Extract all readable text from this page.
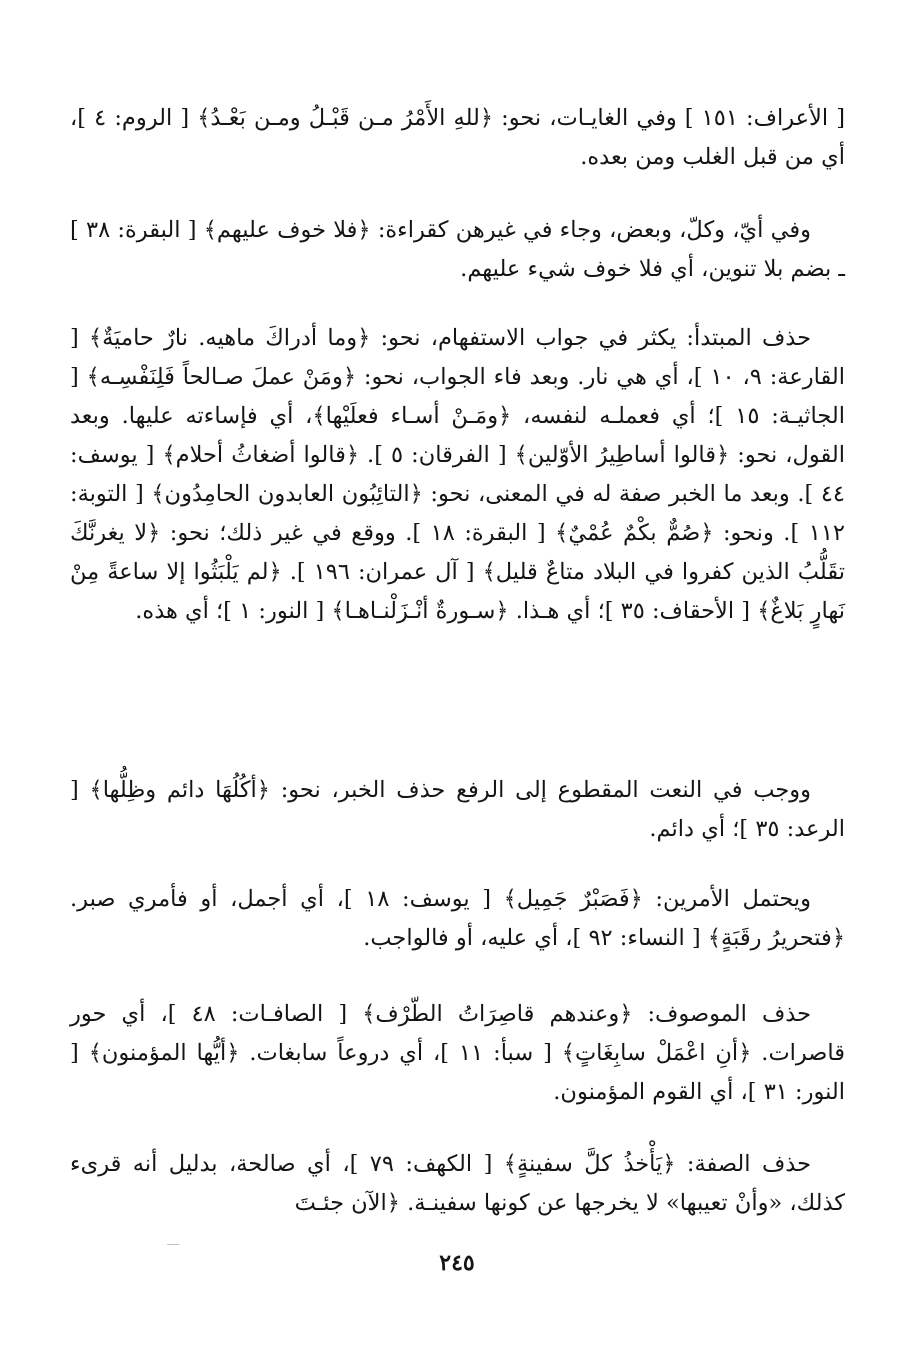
[ الأعراف: ١٥١ ] وفي الغايـات، نحو: ﴿للهِ الأَمْرُ مـن قَبْـلُ ومـن بَعْـدُ﴾ [ الروم: ٤ ]، أي من قبل الغلب ومن بعده.

وفي أيّ، وكلّ، وبعض، وجاء في غيرهن كقراءة: ﴿فلا خوف عليهم﴾ [ البقرة: ٣٨ ] ـ بضم بلا تنوين، أي فلا خوف شيء عليهم.

حذف المبتدأ: يكثر في جواب الاستفهام، نحو: ﴿وما أدراكَ ماهيه. نارٌ حاميَةٌ﴾ [ القارعة: ٩، ١٠ ]، أي هي نار. وبعد فاء الجواب، نحو: ﴿ومَنْ عملَ صـالحاً فَلِنَفْسِـه﴾ [ الجاثيـة: ١٥ ]؛ أي فعملـه لنفسه، ﴿ومَـنْ أسـاء فعلَيْها﴾، أي فإساءته عليها. وبعد القول، نحو: ﴿قالوا أساطِيرُ الأوّلين﴾ [ الفرقان: ٥ ]. ﴿قالوا أضغاثُ أحلام﴾ [ يوسف: ٤٤ ]. وبعد ما الخبر صفة له في المعنى، نحو: ﴿التائِبُون العابدون الحامِدُون﴾ [ التوبة: ١١٢ ]. ونحو: ﴿صُمٌّ بكْمٌ عُمْيٌ﴾ [ البقرة: ١٨ ]. ووقع في غير ذلك؛ نحو: ﴿لا يغرنَّكَ تقَلُّبُ الذين كفروا في البلاد متاعٌ قليل﴾ [ آل عمران: ١٩٦ ]. ﴿لم يَلْبَثُوا إلا ساعةً مِنْ نَهارٍ بَلاغٌ﴾ [ الأحقاف: ٣٥ ]؛ أي هـذا. ﴿سـورةٌ أنْـزَلْنـاهـا﴾ [ النور: ١ ]؛ أي هذه.

ووجب في النعت المقطوع إلى الرفع حذف الخبر، نحو: ﴿أكُلُهَا دائم وظِلُّها﴾ [ الرعد: ٣٥ ]؛ أي دائم.

ويحتمل الأمرين: ﴿فَصَبْرٌ جَمِيل﴾ [ يوسف: ١٨ ]، أي أجمل، أو فأمري صبر. ﴿فتحريرُ رقَبَةٍ﴾ [ النساء: ٩٢ ]، أي عليه، أو فالواجب.

حذف الموصوف: ﴿وعندهم قاصِرَاتُ الطّرْف﴾ [ الصافـات: ٤٨ ]، أي حور قاصرات. ﴿أنِ اعْمَلْ سابِغَاتٍ﴾ [ سبأ: ١١ ]، أي دروعاً سابغات. ﴿أيُّها المؤمنون﴾ [ النور: ٣١ ]، أي القوم المؤمنون.

حذف الصفة: ﴿يَأْخذُ كلَّ سفينةٍ﴾ [ الكهف: ٧٩ ]، أي صالحة، بدليل أنه قرىء كذلك، «وأنْ تعيبها» لا يخرجها عن كونها سفينـة. ﴿الآن جئـتَ

٢٤٥
